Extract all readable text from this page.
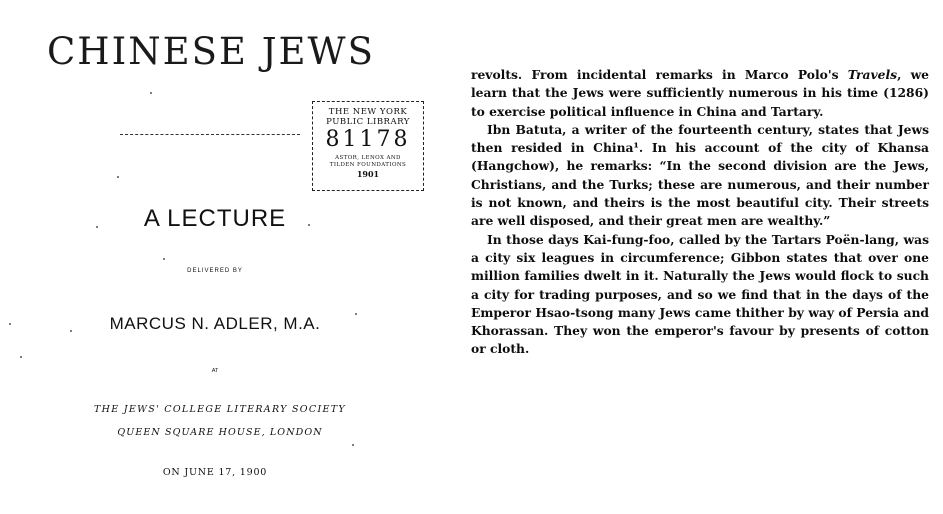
CHINESE JEWS
THE NEW YORK
PUBLIC LIBRARY
81178
ASTOR, LENOX AND
TILDEN FOUNDATIONS
1901
A LECTURE
DELIVERED BY
MARCUS N. ADLER, M.A.
AT
THE JEWS' COLLEGE LITERARY SOCIETY
QUEEN SQUARE HOUSE, LONDON
ON JUNE 17, 1900

revolts. From incidental remarks in Marco Polo's Travels, we learn that the Jews were sufficiently numerous in his time (1286) to exercise political influence in China and Tartary.

Ibn Batuta, a writer of the fourteenth century, states that Jews then resided in China¹. In his account of the city of Khansa (Hangchow), he remarks: “In the second division are the Jews, Christians, and the Turks; these are numerous, and their number is not known, and theirs is the most beautiful city. Their streets are well disposed, and their great men are wealthy.”

In those days Kai-fung-foo, called by the Tartars Poën-lang, was a city six leagues in circumference; Gibbon states that over one million families dwelt in it. Naturally the Jews would flock to such a city for trading purposes, and so we find that in the days of the Emperor Hsao-tsong many Jews came thither by way of Persia and Khorassan. They won the emperor's favour by presents of cotton or cloth.
